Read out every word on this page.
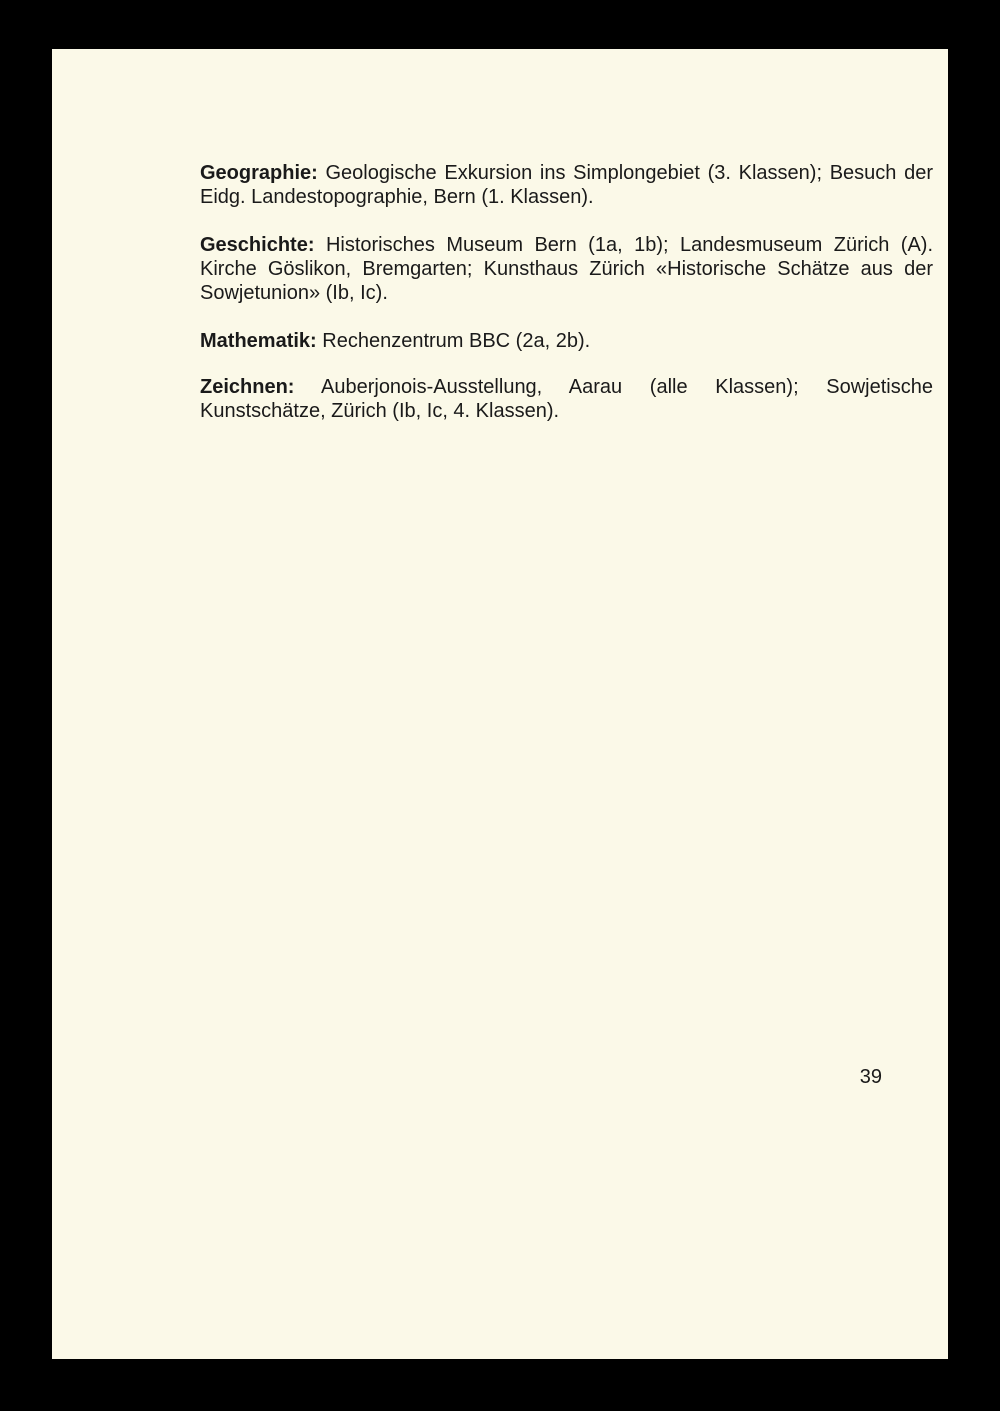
Geographie: Geologische Exkursion ins Simplongebiet (3. Klassen); Besuch der Eidg. Landestopographie, Bern (1. Klassen).

Geschichte: Historisches Museum Bern (1a, 1b); Landesmuseum Zürich (A). Kirche Göslikon, Bremgarten; Kunsthaus Zürich «Historische Schätze aus der Sowjetunion» (Ib, Ic).

Mathematik: Rechenzentrum BBC (2a, 2b).

Zeichnen: Auberjonois-Ausstellung, Aarau (alle Klassen); Sowjetische Kunstschätze, Zürich (Ib, Ic, 4. Klassen).

39
